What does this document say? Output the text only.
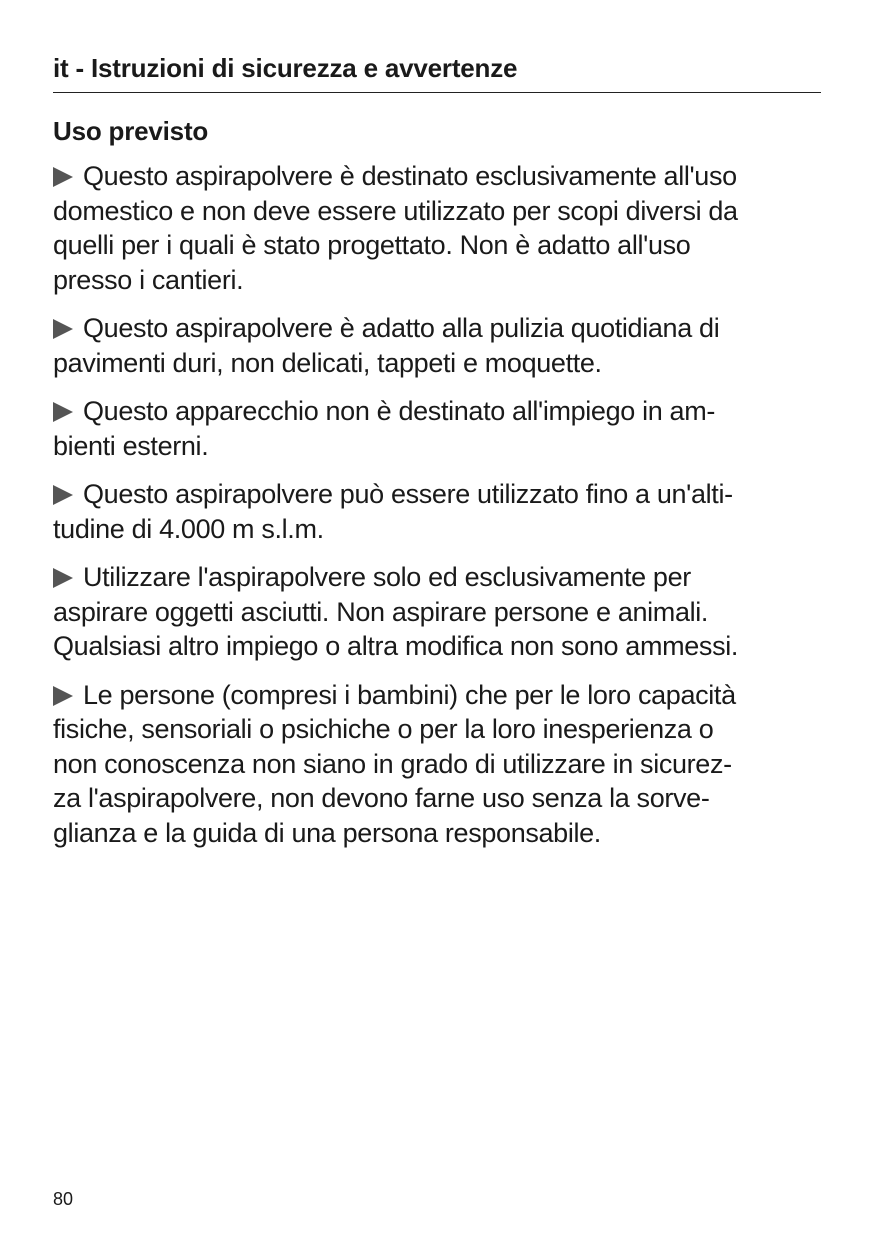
it - Istruzioni di sicurezza e avvertenze
Uso previsto
Questo aspirapolvere è destinato esclusivamente all'uso
domestico e non deve essere utilizzato per scopi diversi da
quelli per i quali è stato progettato. Non è adatto all'uso
presso i cantieri.
Questo aspirapolvere è adatto alla pulizia quotidiana di
pavimenti duri, non delicati, tappeti e moquette.
Questo apparecchio non è destinato all'impiego in am-
bienti esterni.
Questo aspirapolvere può essere utilizzato fino a un'alti-
tudine di 4.000 m s.l.m.
Utilizzare l'aspirapolvere solo ed esclusivamente per
aspirare oggetti asciutti. Non aspirare persone e animali.
Qualsiasi altro impiego o altra modifica non sono ammessi.
Le persone (compresi i bambini) che per le loro capacità
fisiche, sensoriali o psichiche o per la loro inesperienza o
non conoscenza non siano in grado di utilizzare in sicurez-
za l'aspirapolvere, non devono farne uso senza la sorve-
glianza e la guida di una persona responsabile.
80
